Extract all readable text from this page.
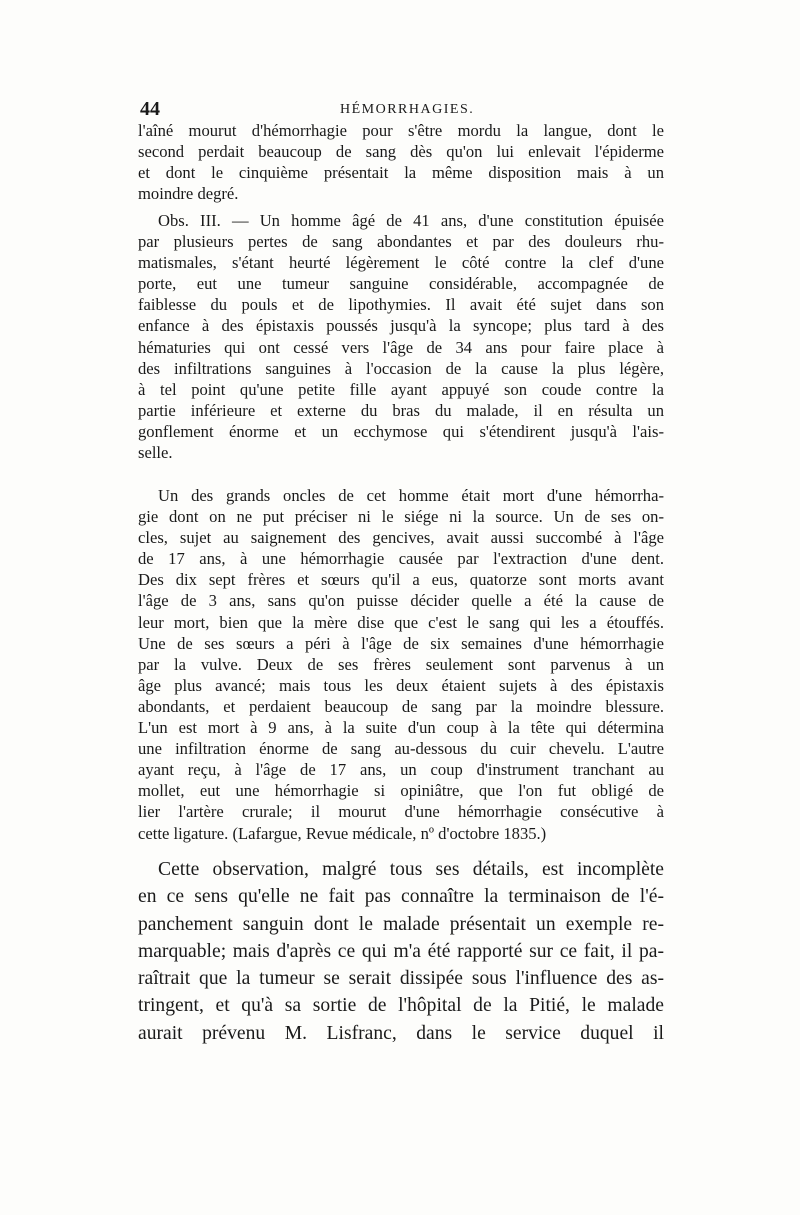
44	HÉMORRHAGIES.
l'aîné mourut d'hémorrhagie pour s'être mordu la langue, dont le
second perdait beaucoup de sang dès qu'on lui enlevait l'épiderme
et dont le cinquième présentait la même disposition mais à un
moindre degré.
Obs. III. — Un homme âgé de 41 ans, d'une constitution épuisée
par plusieurs pertes de sang abondantes et par des douleurs rhu-
matismales, s'étant heurté légèrement le côté contre la clef d'une
porte, eut une tumeur sanguine considérable, accompagnée de
faiblesse du pouls et de lipothymies. Il avait été sujet dans son
enfance à des épistaxis poussés jusqu'à la syncope; plus tard à des
hématuries qui ont cessé vers l'âge de 34 ans pour faire place à
des infiltrations sanguines à l'occasion de la cause la plus légère,
à tel point qu'une petite fille ayant appuyé son coude contre la
partie inférieure et externe du bras du malade, il en résulta un
gonflement énorme et un ecchymose qui s'étendirent jusqu'à l'ais-
selle.
Un des grands oncles de cet homme était mort d'une hémorrha-
gie dont on ne put préciser ni le siége ni la source. Un de ses on-
cles, sujet au saignement des gencives, avait aussi succombé à l'âge
de 17 ans, à une hémorrhagie causée par l'extraction d'une dent.
Des dix sept frères et sœurs qu'il a eus, quatorze sont morts avant
l'âge de 3 ans, sans qu'on puisse décider quelle a été la cause de
leur mort, bien que la mère dise que c'est le sang qui les a étouffés.
Une de ses sœurs a péri à l'âge de six semaines d'une hémorrhagie
par la vulve. Deux de ses frères seulement sont parvenus à un
âge plus avancé; mais tous les deux étaient sujets à des épistaxis
abondants, et perdaient beaucoup de sang par la moindre blessure.
L'un est mort à 9 ans, à la suite d'un coup à la tête qui détermina
une infiltration énorme de sang au-dessous du cuir chevelu. L'autre
ayant reçu, à l'âge de 17 ans, un coup d'instrument tranchant au
mollet, eut une hémorrhagie si opiniâtre, que l'on fut obligé de
lier l'artère crurale; il mourut d'une hémorrhagie consécutive à
cette ligature. (Lafargue, Revue médicale, nº d'octobre 1835.)
Cette observation, malgré tous ses détails, est incomplète
en ce sens qu'elle ne fait pas connaître la terminaison de l'é-
panchement sanguin dont le malade présentait un exemple re-
marquable; mais d'après ce qui m'a été rapporté sur ce fait, il pa-
raîtrait que la tumeur se serait dissipée sous l'influence des as-
tringent, et qu'à sa sortie de l'hôpital de la Pitié, le malade
aurait prévenu M. Lisfranc, dans le service duquel il
